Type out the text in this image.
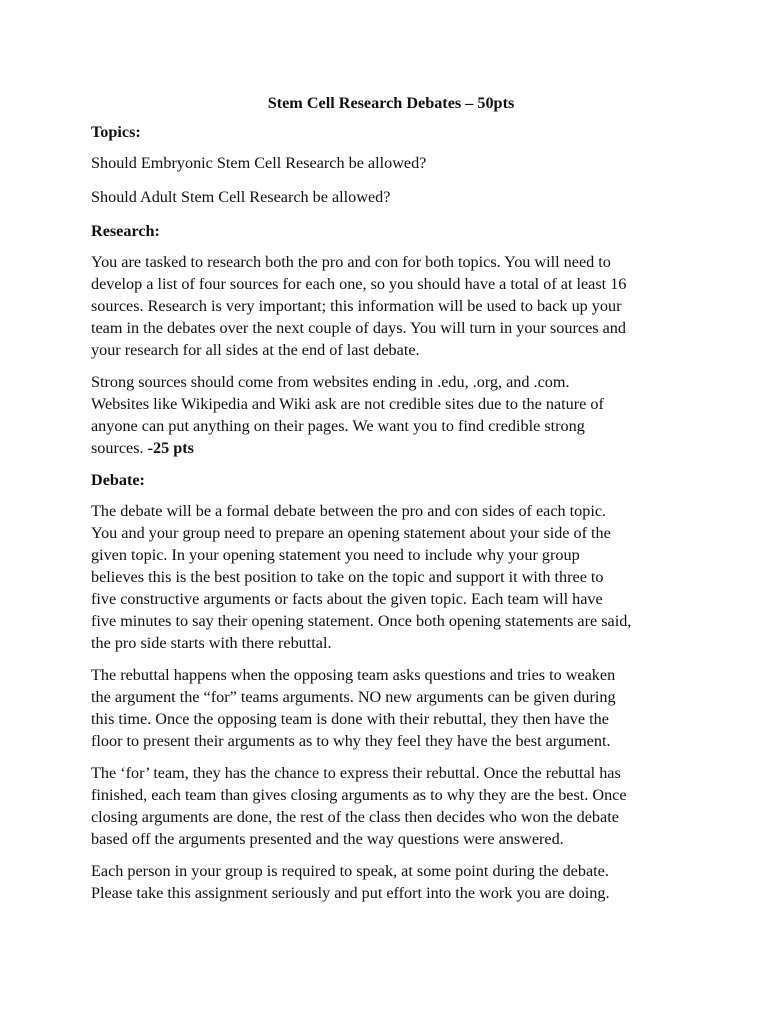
Stem Cell Research Debates – 50pts
Topics:
Should Embryonic Stem Cell Research be allowed?
Should Adult Stem Cell Research be allowed?
Research:
You are tasked to research both the pro and con for both topics. You will need to
develop a list of four sources for each one, so you should have a total of at least 16
sources. Research is very important; this information will be used to back up your
team in the debates over the next couple of days. You will turn in your sources and
your research for all sides at the end of last debate.
Strong sources should come from websites ending in .edu, .org, and .com.
Websites like Wikipedia and Wiki ask are not credible sites due to the nature of
anyone can put anything on their pages. We want you to find credible strong
sources. -25 pts
Debate:
The debate will be a formal debate between the pro and con sides of each topic.
You and your group need to prepare an opening statement about your side of the
given topic. In your opening statement you need to include why your group
believes this is the best position to take on the topic and support it with three to
five constructive arguments or facts about the given topic. Each team will have
five minutes to say their opening statement. Once both opening statements are said,
the pro side starts with there rebuttal.
The rebuttal happens when the opposing team asks questions and tries to weaken
the argument the “for” teams arguments. NO new arguments can be given during
this time. Once the opposing team is done with their rebuttal, they then have the
floor to present their arguments as to why they feel they have the best argument.
The ‘for’ team, they has the chance to express their rebuttal. Once the rebuttal has
finished, each team than gives closing arguments as to why they are the best. Once
closing arguments are done, the rest of the class then decides who won the debate
based off the arguments presented and the way questions were answered.
Each person in your group is required to speak, at some point during the debate.
Please take this assignment seriously and put effort into the work you are doing.
